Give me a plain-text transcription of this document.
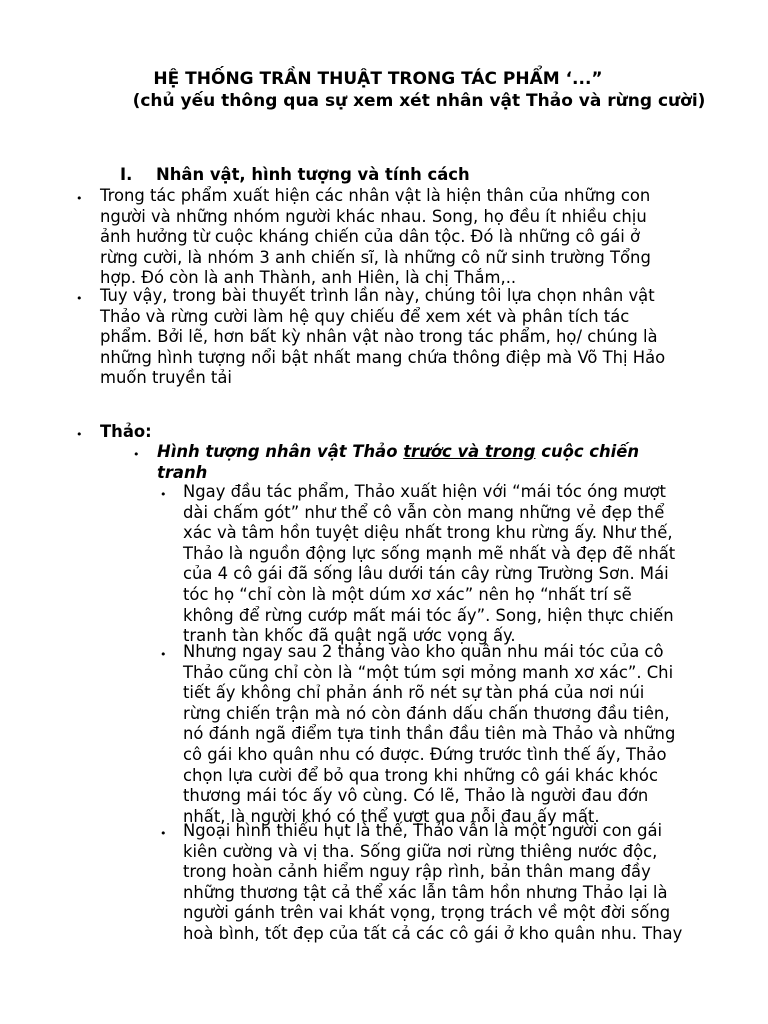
HỆ THỐNG TRẦN THUẬT TRONG TÁC PHẨM ‘...”
(chủ yếu thông qua sự xem xét nhân vật Thảo và rừng cười)
I. Nhân vật, hình tượng và tính cách
• Trong tác phẩm xuất hiện các nhân vật là hiện thân của những con
người và những nhóm người khác nhau. Song, họ đều ít nhiều chịu
ảnh hưởng từ cuộc kháng chiến của dân tộc. Đó là những cô gái ở
rừng cười, là nhóm 3 anh chiến sĩ, là những cô nữ sinh trường Tổng
hợp. Đó còn là anh Thành, anh Hiên, là chị Thắm,..
• Tuy vậy, trong bài thuyết trình lần này, chúng tôi lựa chọn nhân vật
Thảo và rừng cười làm hệ quy chiếu để xem xét và phân tích tác
phẩm. Bởi lẽ, hơn bất kỳ nhân vật nào trong tác phẩm, họ/ chúng là
những hình tượng nổi bật nhất mang chứa thông điệp mà Võ Thị Hảo
muốn truyền tải
• Thảo:
• Hình tượng nhân vật Thảo trước và trong cuộc chiến
tranh
• Ngay đầu tác phẩm, Thảo xuất hiện với “mái tóc óng mượt
dài chấm gót” như thể cô vẫn còn mang những vẻ đẹp thể
xác và tâm hồn tuyệt diệu nhất trong khu rừng ấy. Như thế,
Thảo là nguồn động lực sống mạnh mẽ nhất và đẹp đẽ nhất
của 4 cô gái đã sống lâu dưới tán cây rừng Trường Sơn. Mái
tóc họ “chỉ còn là một dúm xơ xác” nên họ “nhất trí sẽ
không để rừng cướp mất mái tóc ấy”. Song, hiện thực chiến
tranh tàn khốc đã quật ngã ước vọng ấy.
• Nhưng ngay sau 2 tháng vào kho quân nhu mái tóc của cô
Thảo cũng chỉ còn là “một túm sợi mỏng manh xơ xác”. Chi
tiết ấy không chỉ phản ánh rõ nét sự tàn phá của nơi núi
rừng chiến trận mà nó còn đánh dấu chấn thương đầu tiên,
nó đánh ngã điểm tựa tinh thần đầu tiên mà Thảo và những
cô gái kho quân nhu có được. Đứng trước tình thế ấy, Thảo
chọn lựa cười để bỏ qua trong khi những cô gái khác khóc
thương mái tóc ấy vô cùng. Có lẽ, Thảo là người đau đớn
nhất, là người khó có thể vượt qua nỗi đau ấy mất.
• Ngoại hình thiếu hụt là thế, Thảo vẫn là một người con gái
kiên cường và vị tha. Sống giữa nơi rừng thiêng nước độc,
trong hoàn cảnh hiểm nguy rập rình, bản thân mang đầy
những thương tật cả thể xác lẫn tâm hồn nhưng Thảo lại là
người gánh trên vai khát vọng, trọng trách về một đời sống
hoà bình, tốt đẹp của tất cả các cô gái ở kho quân nhu. Thay
